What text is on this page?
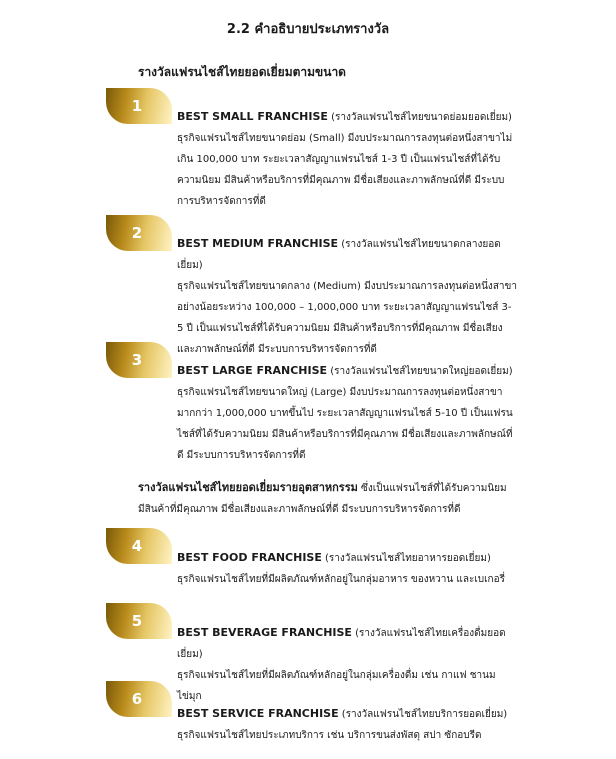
2.2 คำอธิบายประเภทรางวัล
รางวัลแฟรนไชส์ไทยยอดเยี่ยมตามขนาด
1
BEST SMALL FRANCHISE (รางวัลแฟรนไชส์ไทยขนาดย่อมยอดเยี่ยม)
ธุรกิจแฟรนไชส์ไทยขนาดย่อม (Small) มีงบประมาณการลงทุนต่อหนึ่งสาขาไม่เกิน 100,000 บาท ระยะเวลาสัญญาแฟรนไชส์ 1-3 ปี เป็นแฟรนไชส์ที่ได้รับความนิยม มีสินค้าหรือบริการที่มีคุณภาพ มีชื่อเสียงและภาพลักษณ์ที่ดี มีระบบการบริหารจัดการที่ดี
2
BEST MEDIUM FRANCHISE (รางวัลแฟรนไชส์ไทยขนาดกลางยอดเยี่ยม)
ธุรกิจแฟรนไชส์ไทยขนาดกลาง (Medium) มีงบประมาณการลงทุนต่อหนึ่งสาขาอย่างน้อยระหว่าง 100,000 – 1,000,000 บาท ระยะเวลาสัญญาแฟรนไชส์ 3-5 ปี เป็นแฟรนไชส์ที่ได้รับความนิยม มีสินค้าหรือบริการที่มีคุณภาพ มีชื่อเสียงและภาพลักษณ์ที่ดี มีระบบการบริหารจัดการที่ดี
3
BEST LARGE FRANCHISE (รางวัลแฟรนไชส์ไทยขนาดใหญ่ยอดเยี่ยม)
ธุรกิจแฟรนไชส์ไทยขนาดใหญ่ (Large) มีงบประมาณการลงทุนต่อหนึ่งสาขามากกว่า 1,000,000 บาทขึ้นไป ระยะเวลาสัญญาแฟรนไชส์ 5-10 ปี เป็นแฟรนไชส์ที่ได้รับความนิยม มีสินค้าหรือบริการที่มีคุณภาพ มีชื่อเสียงและภาพลักษณ์ที่ดี มีระบบการบริหารจัดการที่ดี
รางวัลแฟรนไชส์ไทยยอดเยี่ยมรายอุตสาหกรรม ซึ่งเป็นแฟรนไชส์ที่ได้รับความนิยม มีสินค้าที่มีคุณภาพ มีชื่อเสียงและภาพลักษณ์ที่ดี มีระบบการบริหารจัดการที่ดี
4
BEST FOOD FRANCHISE (รางวัลแฟรนไชส์ไทยอาหารยอดเยี่ยม)
ธุรกิจแฟรนไชส์ไทยที่มีผลิตภัณฑ์หลักอยู่ในกลุ่มอาหาร ของหวาน และเบเกอรี่
5
BEST BEVERAGE FRANCHISE (รางวัลแฟรนไชส์ไทยเครื่องดื่มยอดเยี่ยม)
ธุรกิจแฟรนไชส์ไทยที่มีผลิตภัณฑ์หลักอยู่ในกลุ่มเครื่องดื่ม เช่น กาแฟ ชานมไข่มุก
6
BEST SERVICE FRANCHISE (รางวัลแฟรนไชส์ไทยบริการยอดเยี่ยม)
ธุรกิจแฟรนไชส์ไทยประเภทบริการ เช่น บริการขนส่งพัสดุ สปา ซักอบรีด
